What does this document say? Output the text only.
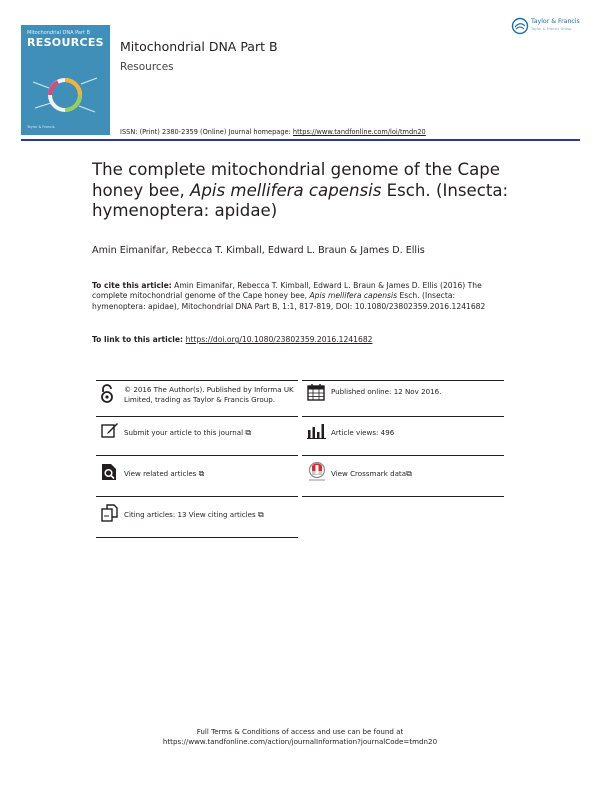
Mitochondrial DNA Part B
RESOURCES
Taylor & Francis
Mitochondrial DNA Part B
Resources
ISSN: (Print) 2380-2359 (Online) Journal homepage: https://www.tandfonline.com/loi/tmdn20
Taylor & Francis
Taylor & Francis Group
The complete mitochondrial genome of the Cape honey bee, Apis mellifera capensis Esch. (Insecta: hymenoptera: apidae)
Amin Eimanifar, Rebecca T. Kimball, Edward L. Braun & James D. Ellis
To cite this article: Amin Eimanifar, Rebecca T. Kimball, Edward L. Braun & James D. Ellis (2016) The complete mitochondrial genome of the Cape honey bee, Apis mellifera capensis Esch. (Insecta: hymenoptera: apidae), Mitochondrial DNA Part B, 1:1, 817-819, DOI: 10.1080/23802359.2016.1241682
To link to this article: https://doi.org/10.1080/23802359.2016.1241682
© 2016 The Author(s). Published by Informa UK Limited, trading as Taylor & Francis Group.
Published online: 12 Nov 2016.
Submit your article to this journal ⧉	Article views: 496
View related articles ⧉	View Crossmark data⧉
Citing articles: 13 View citing articles ⧉
Full Terms & Conditions of access and use can be found at
https://www.tandfonline.com/action/journalInformation?journalCode=tmdn20
